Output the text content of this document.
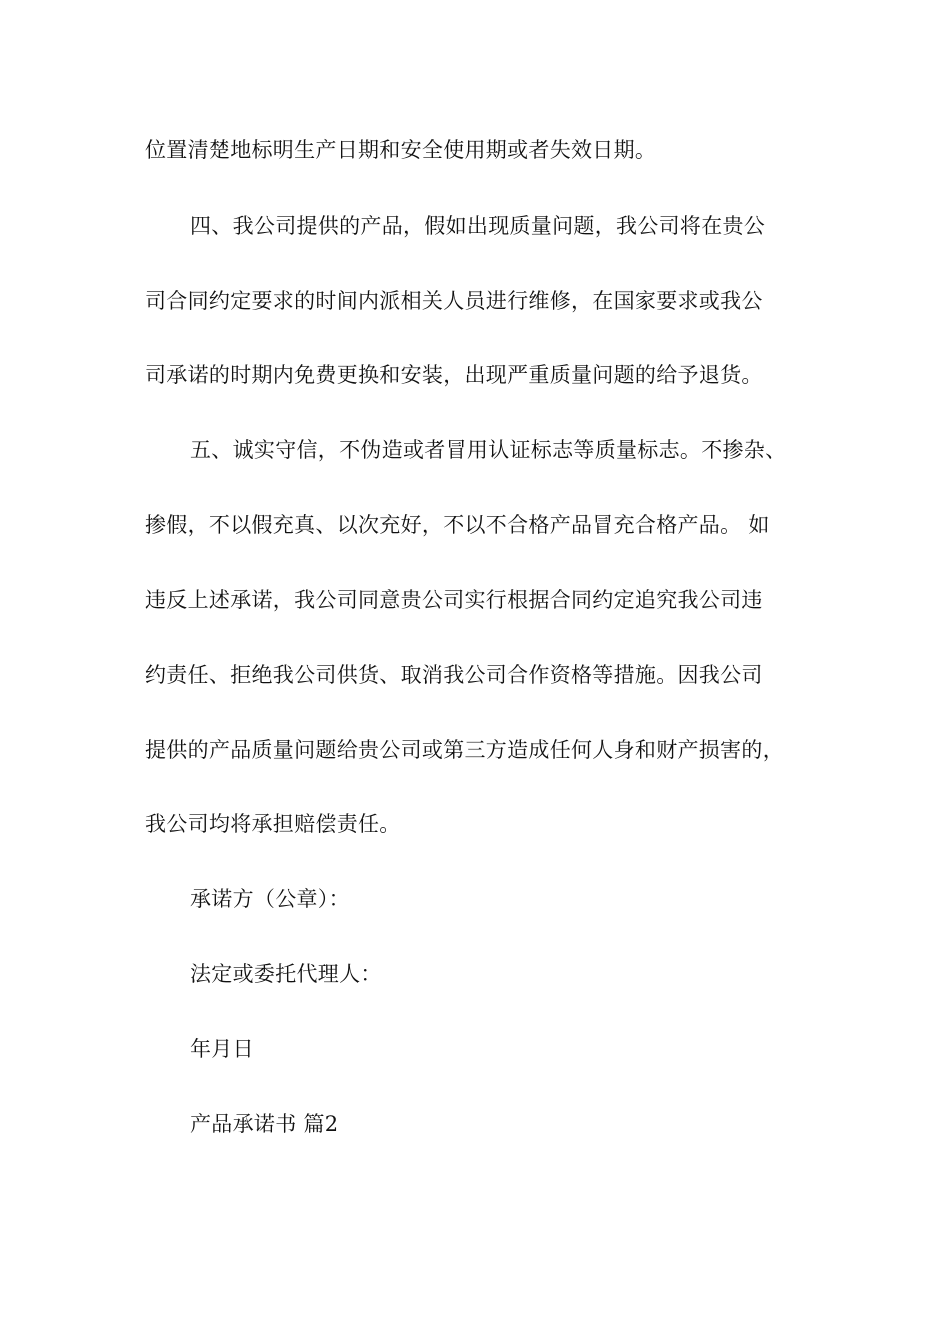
位置清楚地标明生产日期和安全使用期或者失效日期。
四、我公司提供的产品，假如出现质量问题，我公司将在贵公
司合同约定要求的时间内派相关人员进行维修，在国家要求或我公
司承诺的时期内免费更换和安装，出现严重质量问题的给予退货。
五、诚实守信，不伪造或者冒用认证标志等质量标志。不掺杂、
掺假，不以假充真、以次充好，不以不合格产品冒充合格产品。 如
违反上述承诺，我公司同意贵公司实行根据合同约定追究我公司违
约责任、拒绝我公司供货、取消我公司合作资格等措施。因我公司
提供的产品质量问题给贵公司或第三方造成任何人身和财产损害的，
我公司均将承担赔偿责任。
承诺方（公章）：
法定或委托代理人：
年月日
产品承诺书 篇2
